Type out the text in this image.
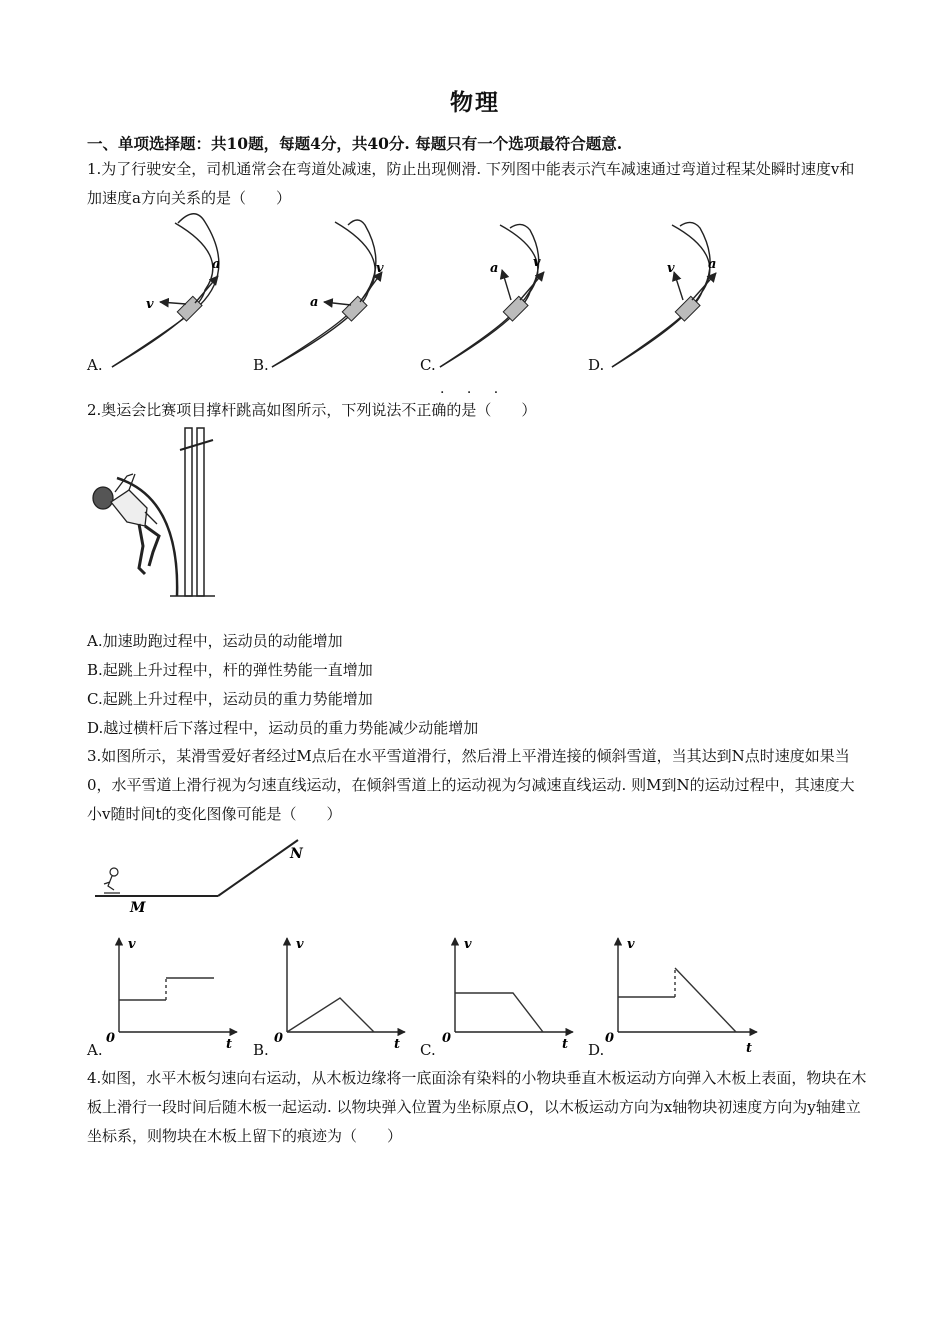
物理
一、单项选择题：共10题，每题4分，共40分. 每题只有一个选项最符合题意.
1.为了行驶安全，司机通常会在弯道处减速，防止出现侧滑. 下列图中能表示汽车减速通过弯道过程某处瞬时速度v和加速度a方向关系的是（　　）
v
a
a
v	a	v	v	a
A.	B.	C.	D.
· · ·
2.奥运会比赛项目撑杆跳高如图所示，下列说法不正确的是（　　）
A.加速助跑过程中，运动员的动能增加
B.起跳上升过程中，杆的弹性势能一直增加
C.起跳上升过程中，运动员的重力势能增加
D.越过横杆后下落过程中，运动员的重力势能减少动能增加
3.如图所示，某滑雪爱好者经过M点后在水平雪道滑行，然后滑上平滑连接的倾斜雪道，当其达到N点时速度如果当0，水平雪道上滑行视为匀速直线运动，在倾斜雪道上的运动视为匀减速直线运动. 则M到N的运动过程中，其速度大小v随时间t的变化图像可能是（　　）
M
N
v
t
0
v
t
0
v
t
0
v
t
0
A.	B.	C.	D.
4.如图，水平木板匀速向右运动，从木板边缘将一底面涂有染料的小物块垂直木板运动方向弹入木板上表面，物块在木板上滑行一段时间后随木板一起运动. 以物块弹入位置为坐标原点O，以木板运动方向为x轴物块初速度方向为y轴建立坐标系，则物块在木板上留下的痕迹为（　　）
